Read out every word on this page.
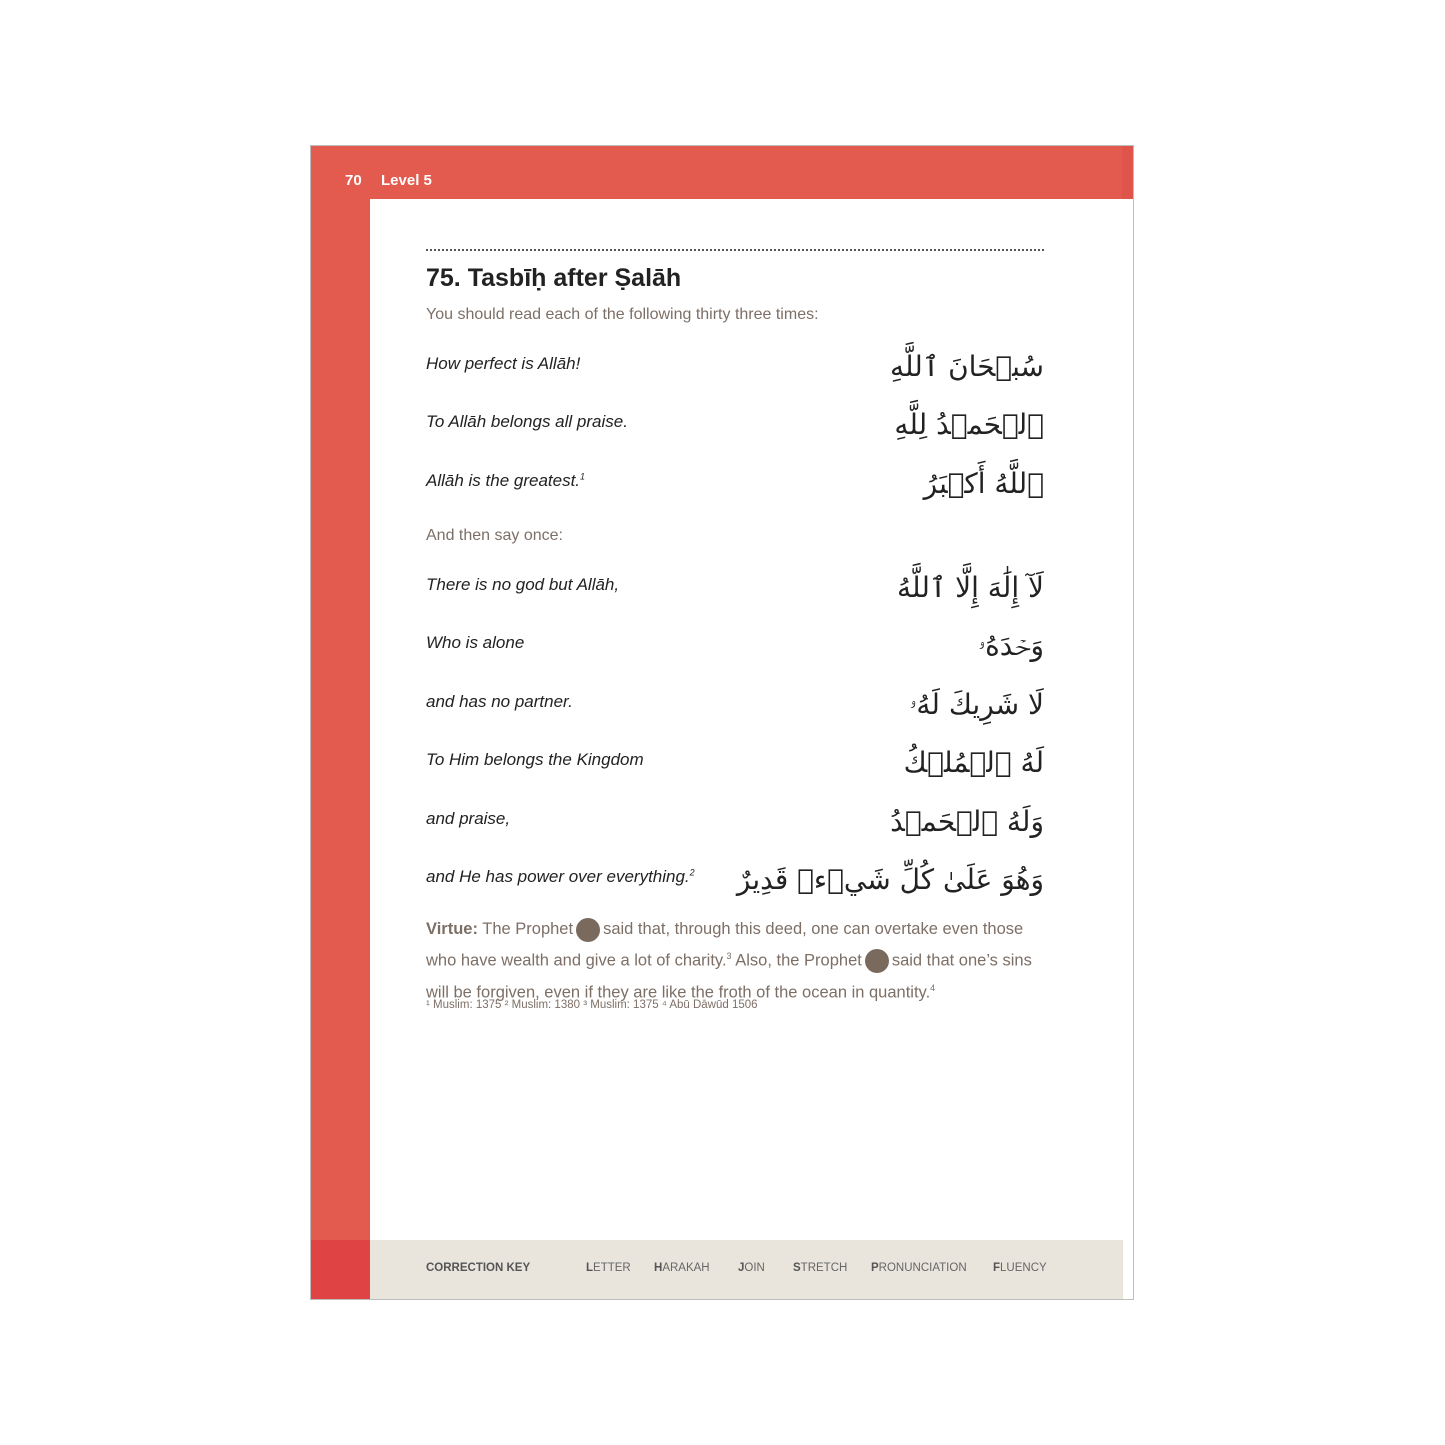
70 Level 5
75. Tasbīḥ after Ṣalāh
You should read each of the following thirty three times:
How perfect is Allāh!	سُبۡحَانَ ٱللَّهِ
To Allāh belongs all praise.	ٱلۡحَمۡدُ لِلَّهِ
Allāh is the greatest.$^1$	ٱللَّهُ أَكۡبَرُ
And then say once:
There is no god but Allāh,	لَآ إِلَٰهَ إِلَّا ٱللَّهُ
Who is alone	وَحۡدَهُۥ
and has no partner.	لَا شَرِيكَ لَهُۥ
To Him belongs the Kingdom	لَهُ ٱلۡمُلۡكُ
and praise,	وَلَهُ ٱلۡحَمۡدُ
and He has power over everything.$^2$ وَهُوَ عَلَىٰ كُلِّ شَيۡءٖ قَدِيرٌ
Virtue: The Prophet said that, through this deed, one can overtake even those who have wealth and give a lot of charity.$^3$ Also, the Prophet said that one’s sins will be forgiven, even if they are like the froth of the ocean in quantity.$^4$
¹ Muslim: 1375 ² Muslim: 1380 ³ Muslim: 1375 ⁴ Abū Dāwūd 1506
CORRECTION KEY	LETTER HARAKAH JOIN STRETCH PRONUNCIATION FLUENCY
